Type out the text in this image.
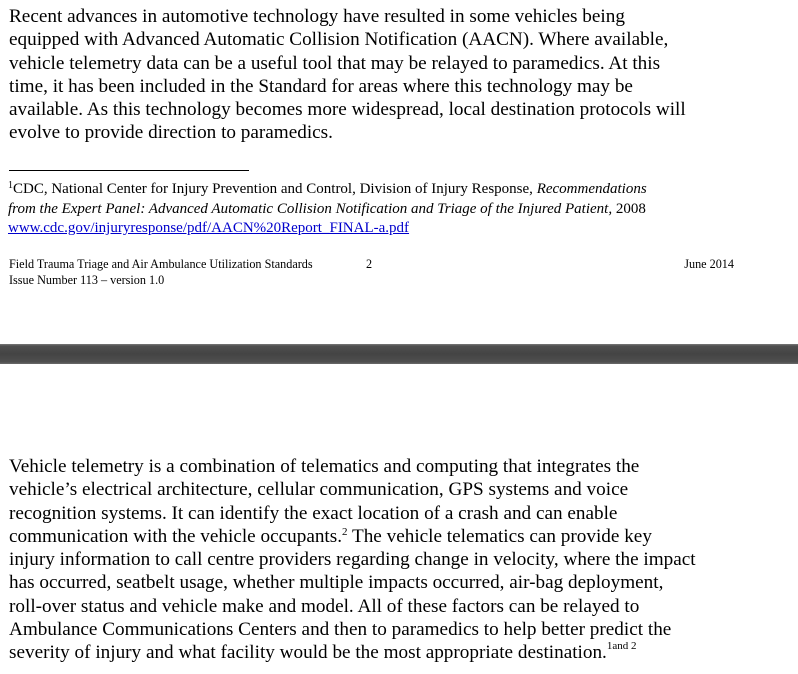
Recent advances in automotive technology have resulted in some vehicles being
equipped with Advanced Automatic Collision Notification (AACN). Where available,
vehicle telemetry data can be a useful tool that may be relayed to paramedics. At this
time, it has been included in the Standard for areas where this technology may be
available. As this technology becomes more widespread, local destination protocols will
evolve to provide direction to paramedics.

$^1$CDC, National Center for Injury Prevention and Control, Division of Injury Response, Recommendations
from the Expert Panel: Advanced Automatic Collision Notification and Triage of the Injured Patient, 2008
www.cdc.gov/injuryresponse/pdf/AACN%20Report_FINAL-a.pdf
Field Trauma Triage and Air Ambulance Utilization Standards	2	June 2014
Issue Number 113 – version 1.0

Vehicle telemetry is a combination of telematics and computing that integrates the
vehicle’s electrical architecture, cellular communication, GPS systems and voice
recognition systems. It can identify the exact location of a crash and can enable
communication with the vehicle occupants.$^2$ The vehicle telematics can provide key
injury information to call centre providers regarding change in velocity, where the impact
has occurred, seatbelt usage, whether multiple impacts occurred, air-bag deployment,
roll-over status and vehicle make and model. All of these factors can be relayed to
Ambulance Communications Centers and then to paramedics to help better predict the
severity of injury and what facility would be the most appropriate destination.$^{1and 2}$
